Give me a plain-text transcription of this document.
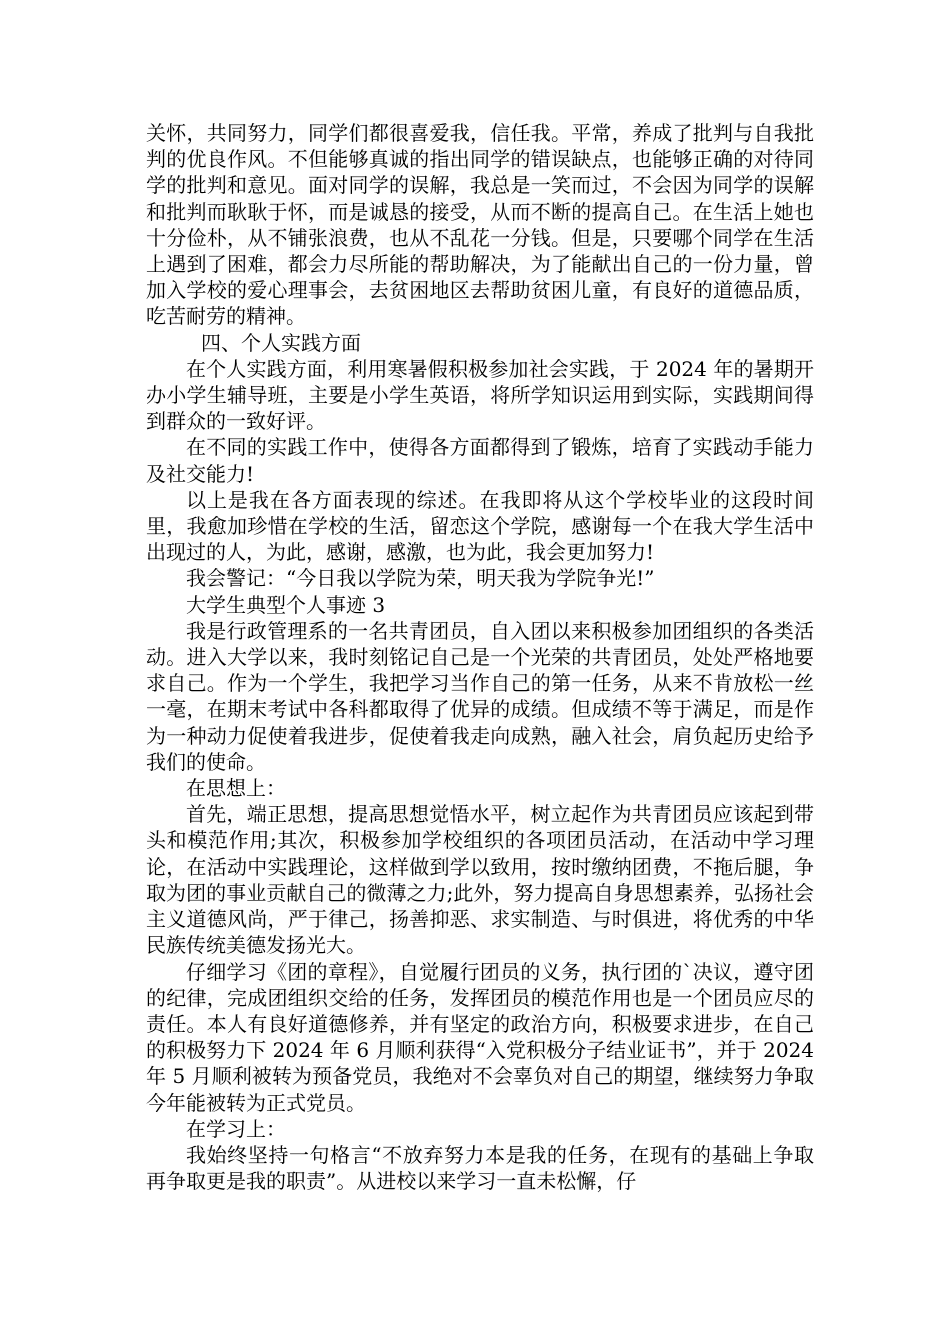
关怀，共同努力，同学们都很喜爱我，信任我。平常，养成了批判与自我批判的优良作风。不但能够真诚的指出同学的错误缺点，也能够正确的对待同学的批判和意见。面对同学的误解，我总是一笑而过，不会因为同学的误解和批判而耿耿于怀，而是诚恳的接受，从而不断的提高自己。在生活上她也十分俭朴，从不铺张浪费，也从不乱花一分钱。但是，只要哪个同学在生活上遇到了困难，都会力尽所能的帮助解决，为了能献出自己的一份力量，曾加入学校的爱心理事会，去贫困地区去帮助贫困儿童，有良好的道德品质，吃苦耐劳的精神。

四、个人实践方面

在个人实践方面，利用寒暑假积极参加社会实践，于 2024 年的暑期开办小学生辅导班，主要是小学生英语，将所学知识运用到实际，实践期间得到群众的一致好评。

在不同的实践工作中，使得各方面都得到了锻炼，培育了实践动手能力及社交能力!

以上是我在各方面表现的综述。在我即将从这个学校毕业的这段时间里，我愈加珍惜在学校的生活，留恋这个学院，感谢每一个在我大学生活中出现过的人，为此，感谢，感激，也为此，我会更加努力!

我会警记：“今日我以学院为荣，明天我为学院争光!”

大学生典型个人事迹 3

我是行政管理系的一名共青团员，自入团以来积极参加团组织的各类活动。进入大学以来，我时刻铭记自己是一个光荣的共青团员，处处严格地要求自己。作为一个学生，我把学习当作自己的第一任务，从来不肯放松一丝一毫，在期末考试中各科都取得了优异的成绩。但成绩不等于满足，而是作为一种动力促使着我进步，促使着我走向成熟，融入社会，肩负起历史给予我们的使命。

在思想上：

首先，端正思想，提高思想觉悟水平，树立起作为共青团员应该起到带头和模范作用;其次，积极参加学校组织的各项团员活动，在活动中学习理论，在活动中实践理论，这样做到学以致用，按时缴纳团费，不拖后腿，争取为团的事业贡献自己的微薄之力;此外，努力提高自身思想素养，弘扬社会主义道德风尚，严于律己，扬善抑恶、求实制造、与时俱进，将优秀的中华民族传统美德发扬光大。

仔细学习《团的章程》，自觉履行团员的义务，执行团的`决议，遵守团的纪律，完成团组织交给的任务，发挥团员的模范作用也是一个团员应尽的责任。本人有良好道德修养，并有坚定的政治方向，积极要求进步，在自己的积极努力下 2024 年 6 月顺利获得“入党积极分子结业证书”，并于 2024 年 5 月顺利被转为预备党员，我绝对不会辜负对自己的期望，继续努力争取今年能被转为正式党员。

在学习上：

我始终坚持一句格言“不放弃努力本是我的任务，在现有的基础上争取再争取更是我的职责”。从进校以来学习一直未松懈，仔
